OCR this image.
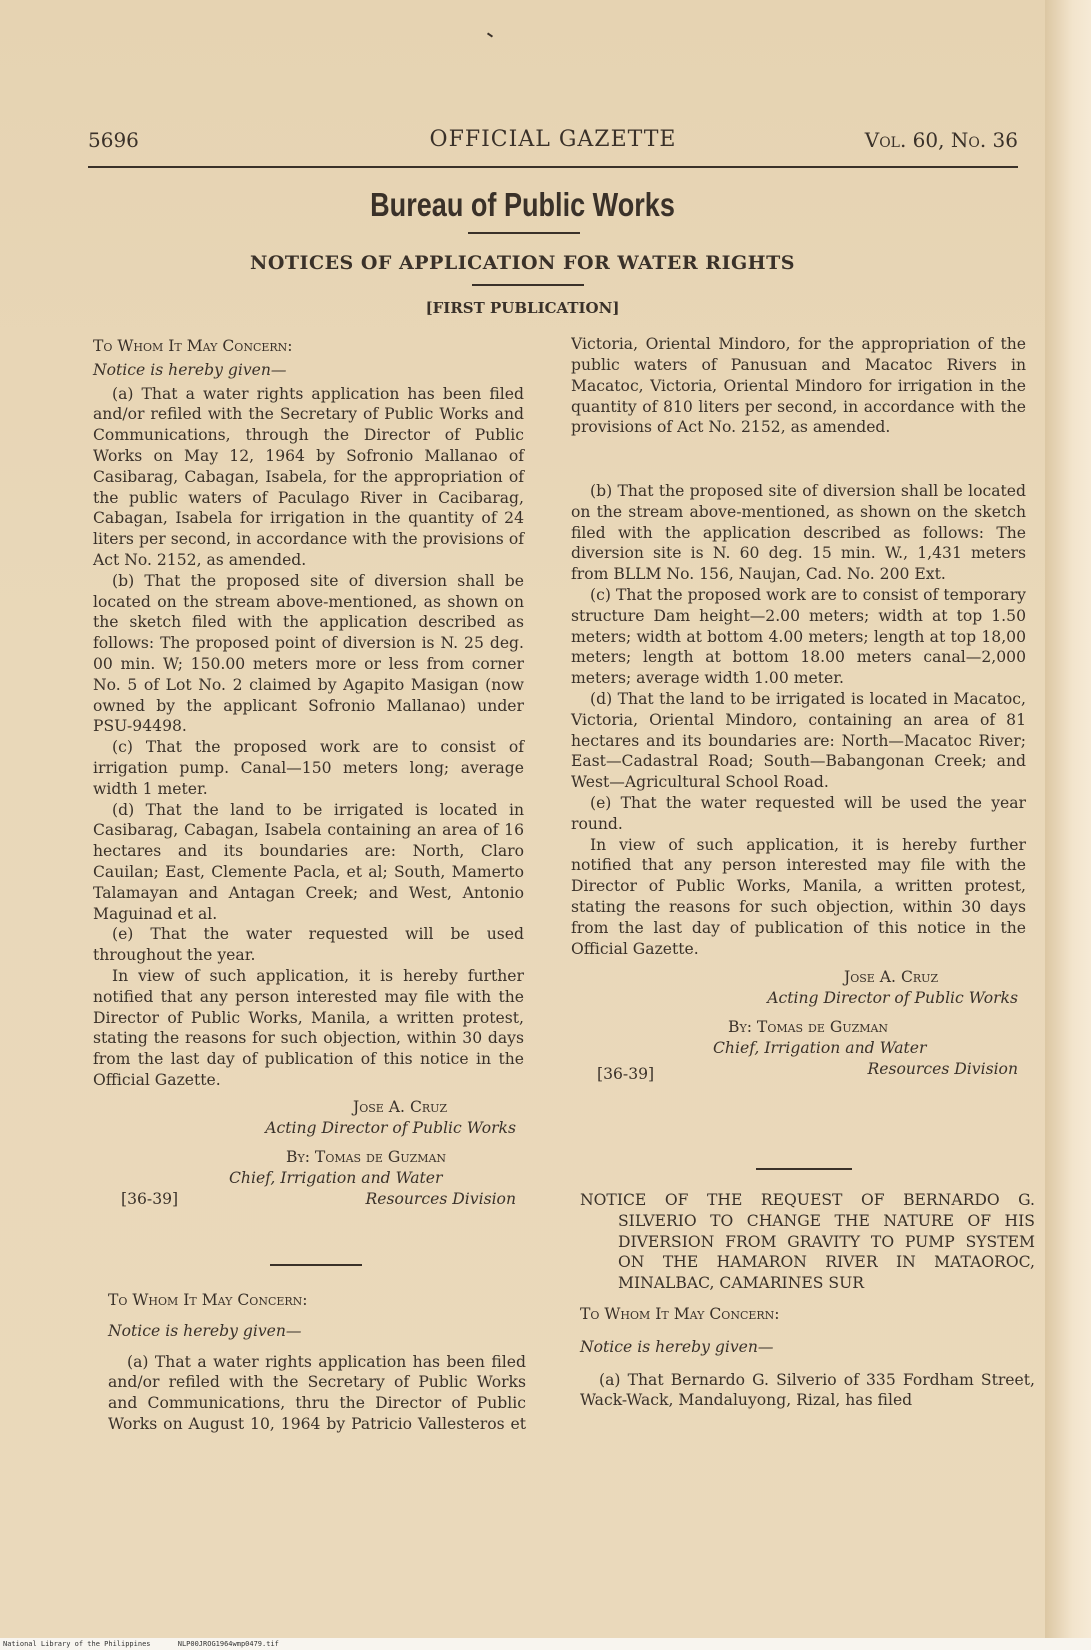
5696	OFFICIAL GAZETTE	Vol. 60, No. 36
Bureau of Public Works
NOTICES OF APPLICATION FOR WATER RIGHTS
[FIRST PUBLICATION]

To Whom It May Concern:

Notice is hereby given—

(a) That a water rights application has been filed and/or refiled with the Secretary of Public Works and Communications, through the Director of Public Works on May 12, 1964 by Sofronio Mallanao of Casibarag, Cabagan, Isabela, for the appropriation of the public waters of Paculago River in Cacibarag, Cabagan, Isabela for irrigation in the quantity of 24 liters per second, in accordance with the provisions of Act No. 2152, as amended.

(b) That the proposed site of diversion shall be located on the stream above-mentioned, as shown on the sketch filed with the application described as follows: The proposed point of diversion is N. 25 deg. 00 min. W; 150.00 meters more or less from corner No. 5 of Lot No. 2 claimed by Agapito Masigan (now owned by the applicant Sofronio Mallanao) under PSU-94498.

(c) That the proposed work are to consist of irrigation pump. Canal—150 meters long; average width 1 meter.

(d) That the land to be irrigated is located in Casibarag, Cabagan, Isabela containing an area of 16 hectares and its boundaries are: North, Claro Cauilan; East, Clemente Pacla, et al; South, Mamerto Talamayan and Antagan Creek; and West, Antonio Maguinad et al.

(e) That the water requested will be used throughout the year.

In view of such application, it is hereby further notified that any person interested may file with the Director of Public Works, Manila, a written protest, stating the reasons for such objection, within 30 days from the last day of publication of this notice in the Official Gazette.

Jose A. Cruz
Acting Director of Public Works
By: Tomas de Guzman
Chief, Irrigation and Water
Resources Division
[36-39]

To Whom It May Concern:

Notice is hereby given—

(a) That a water rights application has been filed and/or refiled with the Secretary of Public Works and Communications, thru the Director of Public Works on August 10, 1964 by Patricio Vallesteros et

Victoria, Oriental Mindoro, for the appropriation of the public waters of Panusuan and Macatoc Rivers in Macatoc, Victoria, Oriental Mindoro for irrigation in the quantity of 810 liters per second, in accordance with the provisions of Act No. 2152, as amended.

(b) That the proposed site of diversion shall be located on the stream above-mentioned, as shown on the sketch filed with the application described as follows: The diversion site is N. 60 deg. 15 min. W., 1,431 meters from BLLM No. 156, Naujan, Cad. No. 200 Ext.

(c) That the proposed work are to consist of temporary structure Dam height—2.00 meters; width at top 1.50 meters; width at bottom 4.00 meters; length at top 18,00 meters; length at bottom 18.00 meters canal—2,000 meters; average width 1.00 meter.

(d) That the land to be irrigated is located in Macatoc, Victoria, Oriental Mindoro, containing an area of 81 hectares and its boundaries are: North—Macatoc River; East—Cadastral Road; South—Babangonan Creek; and West—Agricultural School Road.

(e) That the water requested will be used the year round.

In view of such application, it is hereby further notified that any person interested may file with the Director of Public Works, Manila, a written protest, stating the reasons for such objection, within 30 days from the last day of publication of this notice in the Official Gazette.

Jose A. Cruz
Acting Director of Public Works
By: Tomas de Guzman
Chief, Irrigation and Water
Resources Division
[36-39]

NOTICE OF THE REQUEST OF BERNARDO G. SILVERIO TO CHANGE THE NATURE OF HIS DIVERSION FROM GRAVITY TO PUMP SYSTEM ON THE HAMARON RIVER IN MATAOROC, MINALBAC, CAMARINES SUR

To Whom It May Concern:

Notice is hereby given—

(a) That Bernardo G. Silverio of 335 Fordham Street, Wack-Wack, Mandaluyong, Rizal, has filed

National Library of the Philippines	NLP00JROG1964wmp0479.tif
